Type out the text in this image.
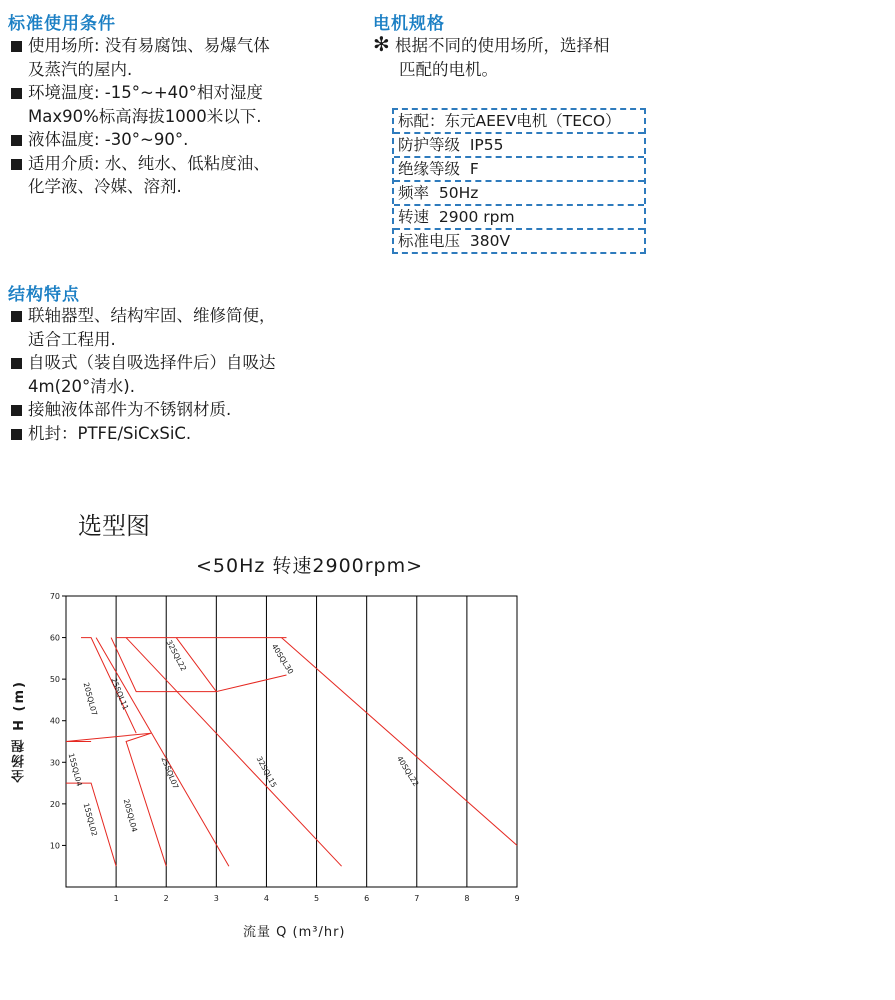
标准使用条件
使用场所: 没有易腐蚀、易爆气体
及蒸汽的屋内.
环境温度: -15°~+40°相对湿度
Max90%标高海拔1000米以下.
液体温度: -30°~90°.
适用介质: 水、纯水、低粘度油、
化学液、冷媒、溶剂.
电机规格
✻ 根据不同的使用场所，选择相
匹配的电机。
标配：东元AEEV电机（TECO）
防护等级  IP55
绝缘等级  F
频率  50Hz
转速  2900 rpm
标准电压  380V
结构特点
联轴器型、结构牢固、维修简便，
适合工程用.
自吸式（装自吸选择件后）自吸达
4m(20°清水).
接触液体部件为不锈钢材质.
机封：PTFE/SiCxSiC.
选型图
<50Hz 转速2900rpm>
15SQL02
15SQL04
20SQL04
20SQL07
25SQL07
25SQL11
32SQL15
32SQL22
40SQL22
40SQL30
1	2	3	4	5	6	7	8	9
10
20
30
40
50
60
70
全扬程 H (m)
流量 Q (m³/hr)
